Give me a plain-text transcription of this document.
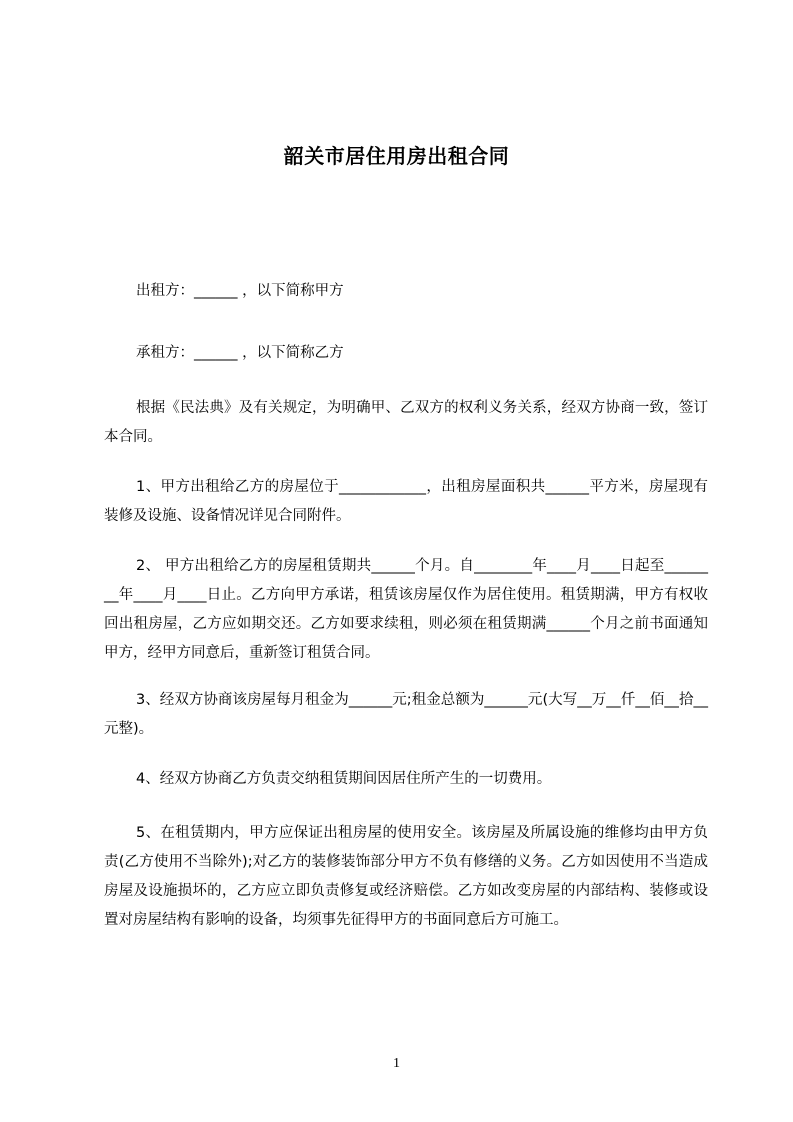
韶关市居住用房出租合同

出租方：______ ，以下简称甲方

承租方：______ ，以下简称乙方

根据《民法典》及有关规定，为明确甲、乙双方的权利义务关系，经双方协商一致，签订本合同。

1、甲方出租给乙方的房屋位于____________，出租房屋面积共______平方米，房屋现有装修及设施、设备情况详见合同附件。

2、 甲方出租给乙方的房屋租赁期共______个月。自________年____月____日起至________年____月____日止。乙方向甲方承诺，租赁该房屋仅作为居住使用。租赁期满，甲方有权收回出租房屋，乙方应如期交还。乙方如要求续租，则必须在租赁期满______个月之前书面通知甲方，经甲方同意后，重新签订租赁合同。

3、经双方协商该房屋每月租金为______元;租金总额为______元(大写__万__仟__佰__拾__元整)。

4、经双方协商乙方负责交纳租赁期间因居住所产生的一切费用。

5、在租赁期内，甲方应保证出租房屋的使用安全。该房屋及所属设施的维修均由甲方负责(乙方使用不当除外);对乙方的装修装饰部分甲方不负有修缮的义务。乙方如因使用不当造成房屋及设施损坏的，乙方应立即负责修复或经济赔偿。乙方如改变房屋的内部结构、装修或设置对房屋结构有影响的设备，均须事先征得甲方的书面同意后方可施工。

1
